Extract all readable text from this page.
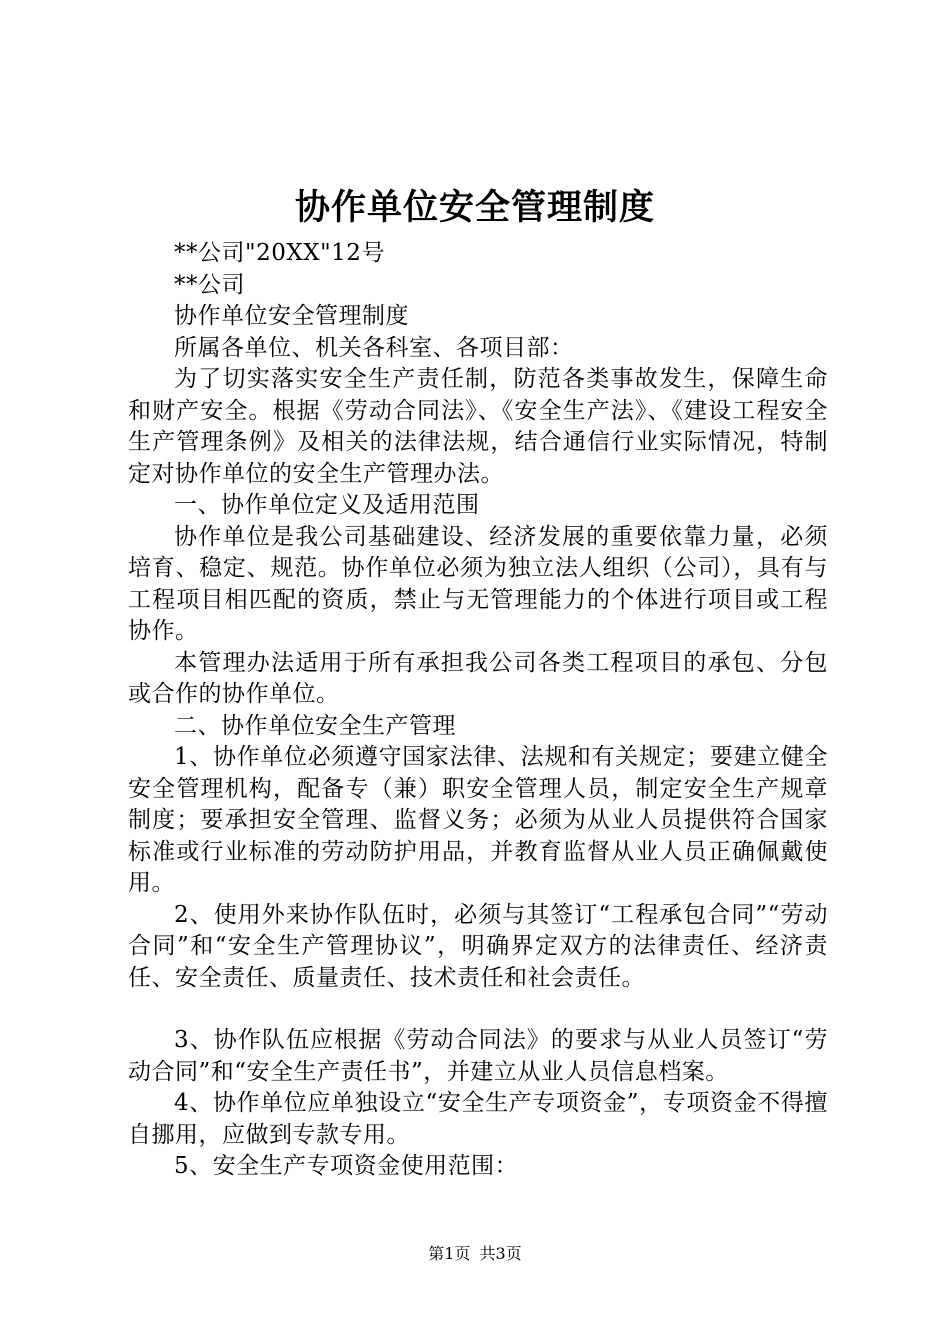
协作单位安全管理制度

**公司"20XX"12号

**公司

协作单位安全管理制度

所属各单位、机关各科室、各项目部：

为了切实落实安全生产责任制，防范各类事故发生，保障生命和财产安全。根据《劳动合同法》、《安全生产法》、《建设工程安全生产管理条例》及相关的法律法规，结合通信行业实际情况，特制定对协作单位的安全生产管理办法。

一、协作单位定义及适用范围

协作单位是我公司基础建设、经济发展的重要依靠力量，必须培育、稳定、规范。协作单位必须为独立法人组织（公司），具有与工程项目相匹配的资质，禁止与无管理能力的个体进行项目或工程协作。

本管理办法适用于所有承担我公司各类工程项目的承包、分包或合作的协作单位。

二、协作单位安全生产管理

1、协作单位必须遵守国家法律、法规和有关规定；要建立健全安全管理机构，配备专（兼）职安全管理人员，制定安全生产规章制度；要承担安全管理、监督义务；必须为从业人员提供符合国家标准或行业标准的劳动防护用品，并教育监督从业人员正确佩戴使用。

2、使用外来协作队伍时，必须与其签订“工程承包合同”“劳动合同”和“安全生产管理协议”，明确界定双方的法律责任、经济责任、安全责任、质量责任、技术责任和社会责任。

3、协作队伍应根据《劳动合同法》的要求与从业人员签订“劳动合同”和“安全生产责任书”，并建立从业人员信息档案。

4、协作单位应单独设立“安全生产专项资金”，专项资金不得擅自挪用，应做到专款专用。

5、安全生产专项资金使用范围：

第1页 共3页
